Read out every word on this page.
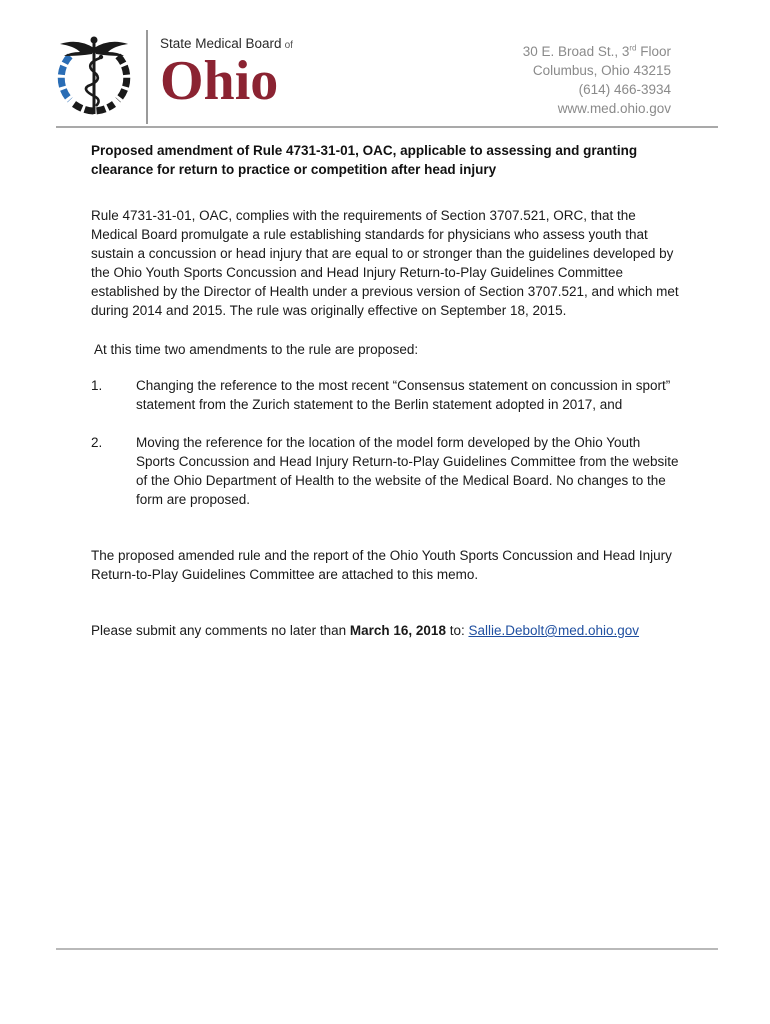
State Medical Board of
Ohio	30 E. Broad St., 3rd Floor
Columbus, Ohio 43215
(614) 466-3934
www.med.ohio.gov
Proposed amendment of Rule 4731-31-01, OAC, applicable to assessing and granting clearance for return to practice or competition after head injury
Rule 4731-31-01, OAC, complies with the requirements of Section 3707.521, ORC, that the Medical Board promulgate a rule establishing standards for physicians who assess youth that sustain a concussion or head injury that are equal to or stronger than the guidelines developed by the Ohio Youth Sports Concussion and Head Injury Return-to-Play Guidelines Committee established by the Director of Health under a previous version of Section 3707.521, and which met during 2014 and 2015. The rule was originally effective on September 18, 2015.
At this time two amendments to the rule are proposed:
1. Changing the reference to the most recent “Consensus statement on concussion in sport” statement from the Zurich statement to the Berlin statement adopted in 2017, and
2. Moving the reference for the location of the model form developed by the Ohio Youth Sports Concussion and Head Injury Return-to-Play Guidelines Committee from the website of the Ohio Department of Health to the website of the Medical Board. No changes to the form are proposed.
The proposed amended rule and the report of the Ohio Youth Sports Concussion and Head Injury Return-to-Play Guidelines Committee are attached to this memo.
Please submit any comments no later than March 16, 2018 to: Sallie.Debolt@med.ohio.gov
